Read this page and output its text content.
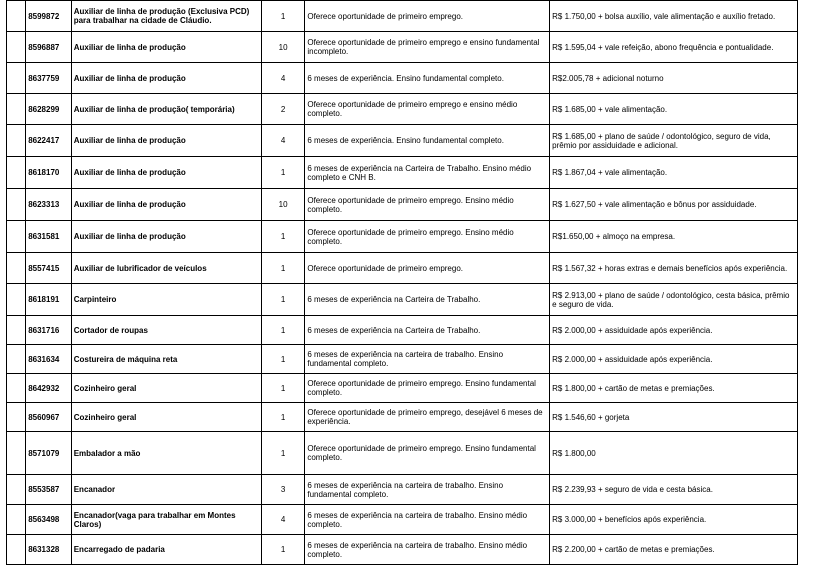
	8599872	Auxiliar de linha de produção (Exclusiva PCD) para trabalhar na cidade de Cláudio.	1	Oferece oportunidade de primeiro emprego.	R$ 1.750,00 + bolsa auxílio, vale alimentação e auxílio fretado.
	8596887	Auxiliar de linha de produção	10	Oferece oportunidade de primeiro emprego e ensino fundamental incompleto.	R$ 1.595,04 + vale refeição, abono frequência e pontualidade.
	8637759	Auxiliar de linha de produção	4	6 meses de experiência. Ensino fundamental completo.	R$2.005,78 + adicional noturno
	8628299	Auxiliar de linha de produção( temporária)	2	Oferece oportunidade de primeiro emprego e ensino médio completo.	R$ 1.685,00 + vale alimentação.
	8622417	Auxiliar de linha de produção	4	6 meses de experiência. Ensino fundamental completo.	R$ 1.685,00 + plano de saúde / odontológico, seguro de vida, prêmio por assiduidade e adicional.
	8618170	Auxiliar de linha de produção	1	6 meses de experiência na Carteira de Trabalho. Ensino médio completo e CNH B.	R$ 1.867,04 + vale alimentação.
	8623313	Auxiliar de linha de produção	10	Oferece oportunidade de primeiro emprego. Ensino médio completo.	R$ 1.627,50 + vale alimentação e bônus por assiduidade.
	8631581	Auxiliar de linha de produção	1	Oferece oportunidade de primeiro emprego. Ensino médio completo.	R$1.650,00 + almoço na empresa.
	8557415	Auxiliar de lubrificador de veículos	1	Oferece oportunidade de primeiro emprego.	R$ 1.567,32 + horas extras e demais benefícios após experiência.
	8618191	Carpinteiro	1	6 meses de experiência na Carteira de Trabalho.	R$ 2.913,00 + plano de saúde / odontológico, cesta básica, prêmio e seguro de vida.
	8631716	Cortador de roupas	1	6 meses de experiência na Carteira de Trabalho.	R$ 2.000,00 + assiduidade após experiência.
	8631634	Costureira de máquina reta	1	6 meses de experiência na carteira de trabalho. Ensino fundamental completo.	R$ 2.000,00 + assiduidade após experiência.
	8642932	Cozinheiro geral	1	Oferece oportunidade de primeiro emprego. Ensino fundamental completo.	R$ 1.800,00 + cartão de metas e premiações.
	8560967	Cozinheiro geral	1	Oferece oportunidade de primeiro emprego, desejável 6 meses de experiência.	R$ 1.546,60 + gorjeta
	8571079	Embalador a mão	1	Oferece oportunidade de primeiro emprego. Ensino fundamental completo.	R$ 1.800,00
	8553587	Encanador	3	6 meses de experiência na carteira de trabalho. Ensino fundamental completo.	R$ 2.239,93 + seguro de vida e cesta básica.
	8563498	Encanador(vaga para trabalhar em Montes Claros)	4	6 meses de experiência na carteira de trabalho. Ensino médio completo.	R$ 3.000,00 + benefícios após experiência.
	8631328	Encarregado de padaria	1	6 meses de experiência na carteira de trabalho. Ensino médio completo.	R$ 2.200,00 + cartão de metas e premiações.
